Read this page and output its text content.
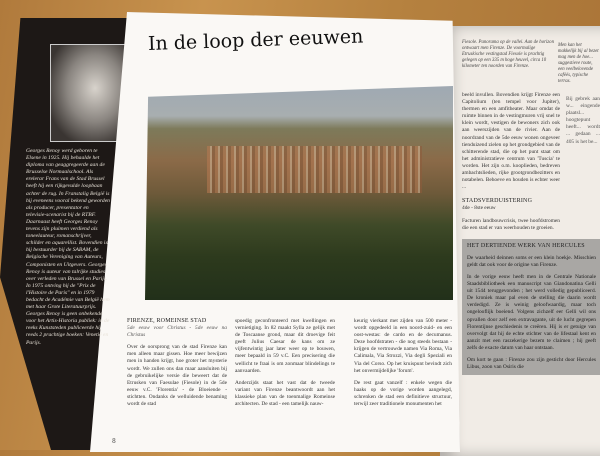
In de loop der eeuwen
Georges Renoy werd geboren te Elsene in 1925. Hij behaalde het diploma van geaggregeerde aan de Brusselse Normaalschool. Als erelerar Frans van de Stad Brussel heeft hij een rijkgevulde loopbaan achter de rug. In Franstalig België is hij eveneens vooral bekend geworden als producer, presentator en televisie-scenarist bij de RTBF. Daarnaast heeft Georges Renoy tevens zijn pluimen verdiend als toneelauteur, romanschrijver, schilder en aquarellist. Bovendien is hij bestuurder bij de SABAM, de Belgische Vereniging van Auteurs, Componisten en Uitgevers. Georges Renoy is auteur van talrijke studies over verleden van Brussel en Parijs. In 1975 ontving hij de "Prix de l'Histoire de Paris" en in 1979 bedacht de Académie van België hem met haar Grote Literatuurprijs. Georges Renoy is geen onbekende voor het Artis-Historia publiek: in de reeks Kunststeden publiceerde hij reeds 2 prachtige boeken: Venetië en Parijs.
Fiesole. Panorama op de vallei. Aan de horizon ontwaart men Firenze. De voormalige Etruskische vestingstad Fiesole is prachtig gelegen op een 335 m hoge heuvel, circa 10 kilometer ten noorden van Firenze.
Men kan het makkelijk bij al bezet mag men de hoe... suggestieve route, een veelbelovende caféés, typische terras.
Bij gebrek aan w... eingende plaatsl... hoogtepunt heeft... wordt ... gedaan ... 405 is het be...
beeld invullen. Bovendien krijgt Firenze een Capitolium (ten tempel voor Jupiter), thermen en een amfitheater. Maar omdat de ruimte binnen in de vestingmuren vrij snel te klein wordt, vestigen de bewoners zich ook aan weerszijden van de rivier. Aan de noordrand van de 5de eeuw wonen ongeveer tienduizend zielen op het grondgebied van de schitterende stad, die op het punt staat om het administratieve centrum van 'Tuscia' te worden. Het zijn o.m. kooplieden, bedreven ambachtslieden, rijke grootgrondbezitters en notabelen. Behoeve en houden is echter weer ...
STADSVERDUISTERING
4de - 8ste eeuw
Facturen landbouwcrisis, twee hoofdstromen die een stad er van weerhouden te groeien.
HET DERTIENDE WERK VAN HERCULES
De waarheid deinnen soms er een klein hoekje. Misschien geldt dat ook voor de origine van Firenze.
In de vorige eeuw heeft men in de Centrale Nationale Staadsbibliotheek een manuscript van Giandonatina Gelli uit 1544 teruggevonden ; het werd volledig gepubliceerd. De kroniek maar pal even de stelling die daarin wordt verdedigd. Ze is weinig geloofwaardig, maar toch ongelooflijk boeiend. Volgens zichzelf eer Gelli wil ons opvallen door zelf een extravagante, uit de lucht gegrepen Florentijnse geschiedenis te creëren. Hij is er getuige van overvolgt dat hij de echte stichter van de lifestaal kent en aanzit met een raszekerige bezem te claimen ; hij geeft zelfs de exacte datum van haar ontstaan.
Om kort te gaan : Firenze zou zijn gesticht door Hercules Libus, zoon van Osiris die
FIRENZE, ROMEINSE STAD
5de eeuw voor Christus - 5de eeuw na Christus
Over de oorsprong van de stad Firenze kan men alleen maar gissen. Hoe meer bewijzen men in handen krijgt, hoe groter het mysterie wordt. We zullen ons dan maar aansluiten bij de gebruikelijke versie die beweert dat de Etrusken van Faesulae (Fiesole) in de 5de eeuw v.C. 'Florentia' - de Bloeiende - stichtten. Ondanks de welluidende benaming wordt de stad
spoedig geconfronteerd met kwellingen en vernietiging. In 82 maakt Sylla ze gelijk met de Toscaanse grond, maar dit droevige feit geeft Julius Caesar de kans om ze vijfentwintig jaar later weer op te bouwen, meer bepaald in 59 v.C. Een precisering die wellicht te fraai is om zonmaar blindelings te aanvaarden.
Anderzijds staat het vast dat de tweede variant van Firenze beantwoordt aan het klassieke plan van de toenmalige Romeinse architecten. De stad - een tamelijk nauw-
keurig vierkant met zijden van 500 meter - wordt opgedeeld in een noord-zuid- en een oost-westas: de cardo en de decumanus. Deze hoofdstraten - die nog steeds bestaan - krijgen de vertrouwde namen Via Roma, Via Calimala, Via Strozzi, Via degli Speziali en Via del Corso. Op het kruispunt bevindt zich het onvermijdelijke 'forum'.
De rest gaat vanzelf : enkele wegen die haaks op de vorige worden aangelegd, schrenken de stad een definitieve structuur, terwijl zeer traditionele monumenten het
8
